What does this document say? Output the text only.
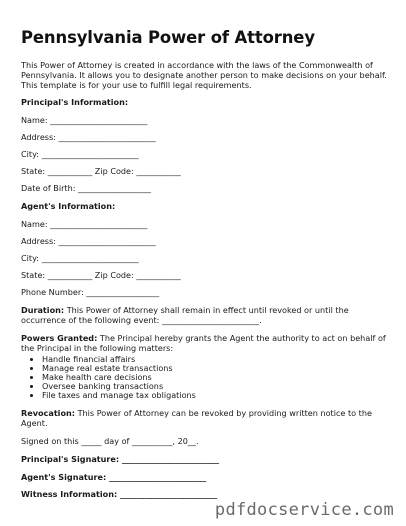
Pennsylvania Power of Attorney

This Power of Attorney is created in accordance with the laws of the Commonwealth of Pennsylvania. It allows you to designate another person to make decisions on your behalf. This template is for your use to fulfill legal requirements.

Principal's Information:
Name: ________________________
Address: ________________________
City: ________________________
State: ___________ Zip Code: ___________
Date of Birth: __________________
Agent's Information:
Name: ________________________
Address: ________________________
City: ________________________
State: ___________ Zip Code: ___________
Phone Number: __________________

Duration: This Power of Attorney shall remain in effect until revoked or until the occurrence of the following event: ________________________.

Powers Granted: The Principal hereby grants the Agent the authority to act on behalf of the Principal in the following matters:

• Handle financial affairs
• Manage real estate transactions
• Make health care decisions
• Oversee banking transactions
• File taxes and manage tax obligations

Revocation: This Power of Attorney can be revoked by providing written notice to the Agent.

Signed on this _____ day of __________, 20__.
Principal's Signature: ________________________
Agent's Signature: ________________________
Witness Information: ________________________
pdfdocservice.com
